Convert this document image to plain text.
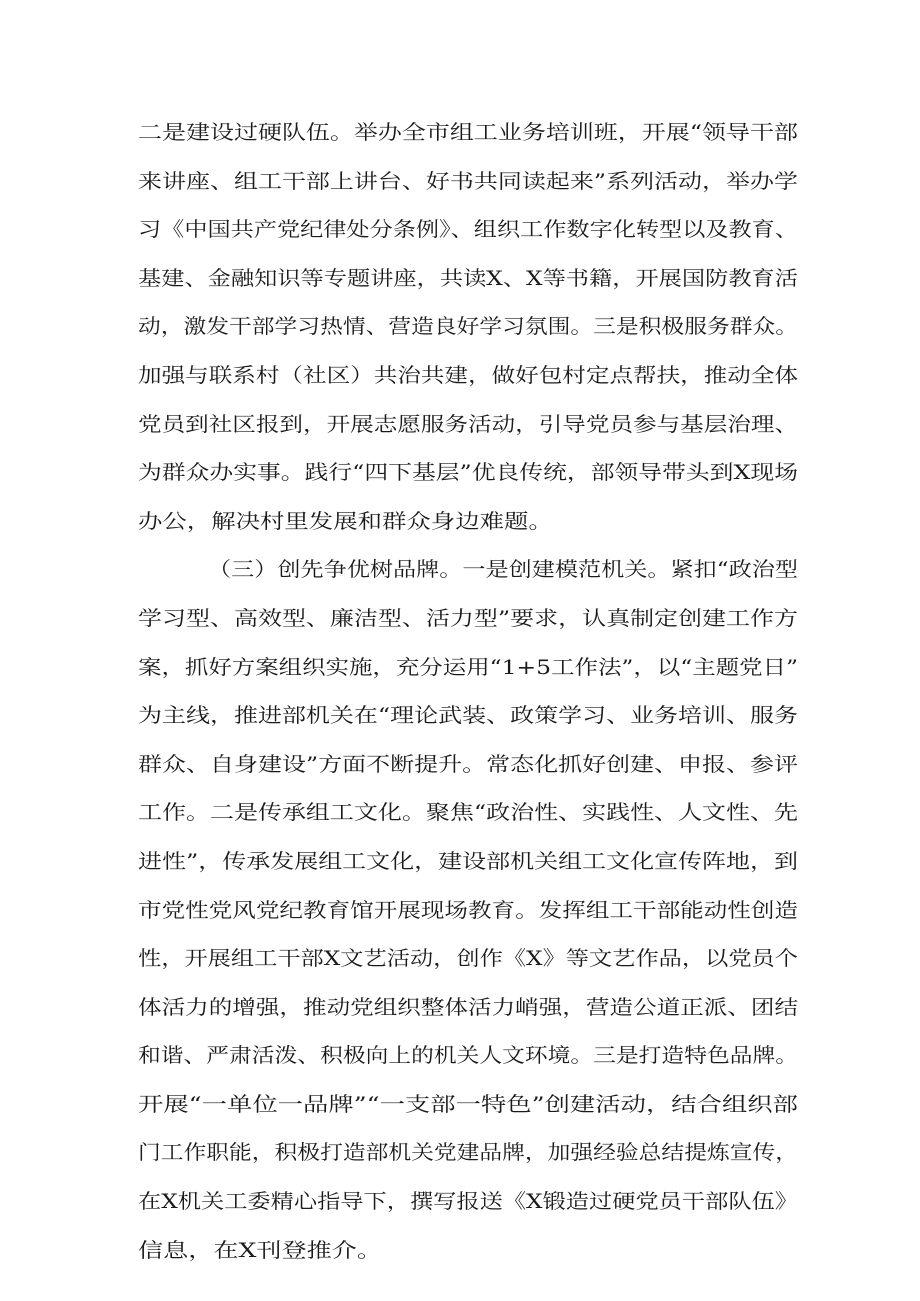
二是建设过硬队伍。举办全市组工业务培训班，开展“领导干部
来讲座、组工干部上讲台、好书共同读起来”系列活动，举办学
习《中国共产党纪律处分条例》、组织工作数字化转型以及教育、
基建、金融知识等专题讲座，共读X、X等书籍，开展国防教育活
动，激发干部学习热情、营造良好学习氛围。三是积极服务群众。
加强与联系村（社区）共治共建，做好包村定点帮扶，推动全体
党员到社区报到，开展志愿服务活动，引导党员参与基层治理、
为群众办实事。践行“四下基层”优良传统，部领导带头到X现场
办公，解决村里发展和群众身边难题。
（三）创先争优树品牌。一是创建模范机关。紧扣“政治型
学习型、高效型、廉洁型、活力型”要求，认真制定创建工作方
案，抓好方案组织实施，充分运用“1+5工作法”，以“主题党日”
为主线，推进部机关在“理论武装、政策学习、业务培训、服务
群众、自身建设”方面不断提升。常态化抓好创建、申报、参评
工作。二是传承组工文化。聚焦“政治性、实践性、人文性、先
进性”，传承发展组工文化，建设部机关组工文化宣传阵地，到
市党性党风党纪教育馆开展现场教育。发挥组工干部能动性创造
性，开展组工干部X文艺活动，创作《X》等文艺作品，以党员个
体活力的增强，推动党组织整体活力峭强，营造公道正派、团结
和谐、严肃活泼、积极向上的机关人文环境。三是打造特色品牌。
开展“一单位一品牌”“一支部一特色”创建活动，结合组织部
门工作职能，积极打造部机关党建品牌，加强经验总结提炼宣传，
在X机关工委精心指导下，撰写报送《X锻造过硬党员干部队伍》
信息，在X刊登推介。
